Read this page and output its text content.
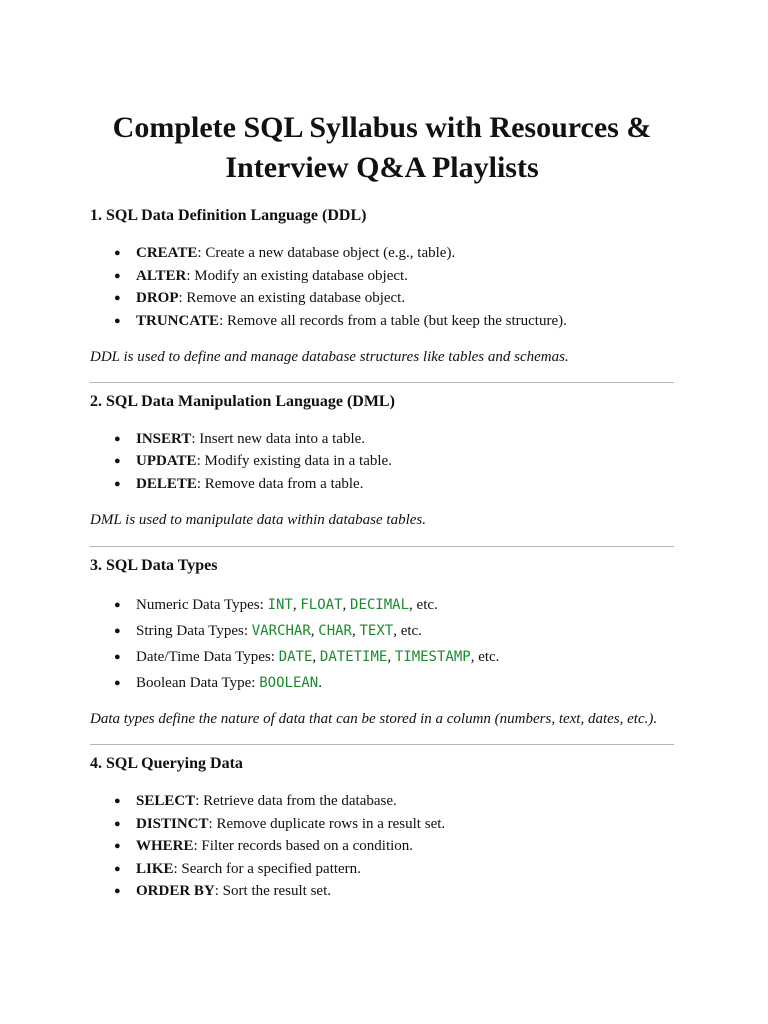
Complete SQL Syllabus with Resources &
Interview Q&A Playlists
1. SQL Data Definition Language (DDL)
● CREATE: Create a new database object (e.g., table).
● ALTER: Modify an existing database object.
● DROP: Remove an existing database object.
● TRUNCATE: Remove all records from a table (but keep the structure).

DDL is used to define and manage database structures like tables and schemas.

2. SQL Data Manipulation Language (DML)
● INSERT: Insert new data into a table.
● UPDATE: Modify existing data in a table.
● DELETE: Remove data from a table.

DML is used to manipulate data within database tables.

3. SQL Data Types
● Numeric Data Types: INT, FLOAT, DECIMAL, etc.
● String Data Types: VARCHAR, CHAR, TEXT, etc.
● Date/Time Data Types: DATE, DATETIME, TIMESTAMP, etc.
● Boolean Data Type: BOOLEAN.

Data types define the nature of data that can be stored in a column (numbers, text, dates, etc.).

4. SQL Querying Data
● SELECT: Retrieve data from the database.
● DISTINCT: Remove duplicate rows in a result set.
● WHERE: Filter records based on a condition.
● LIKE: Search for a specified pattern.
● ORDER BY: Sort the result set.
